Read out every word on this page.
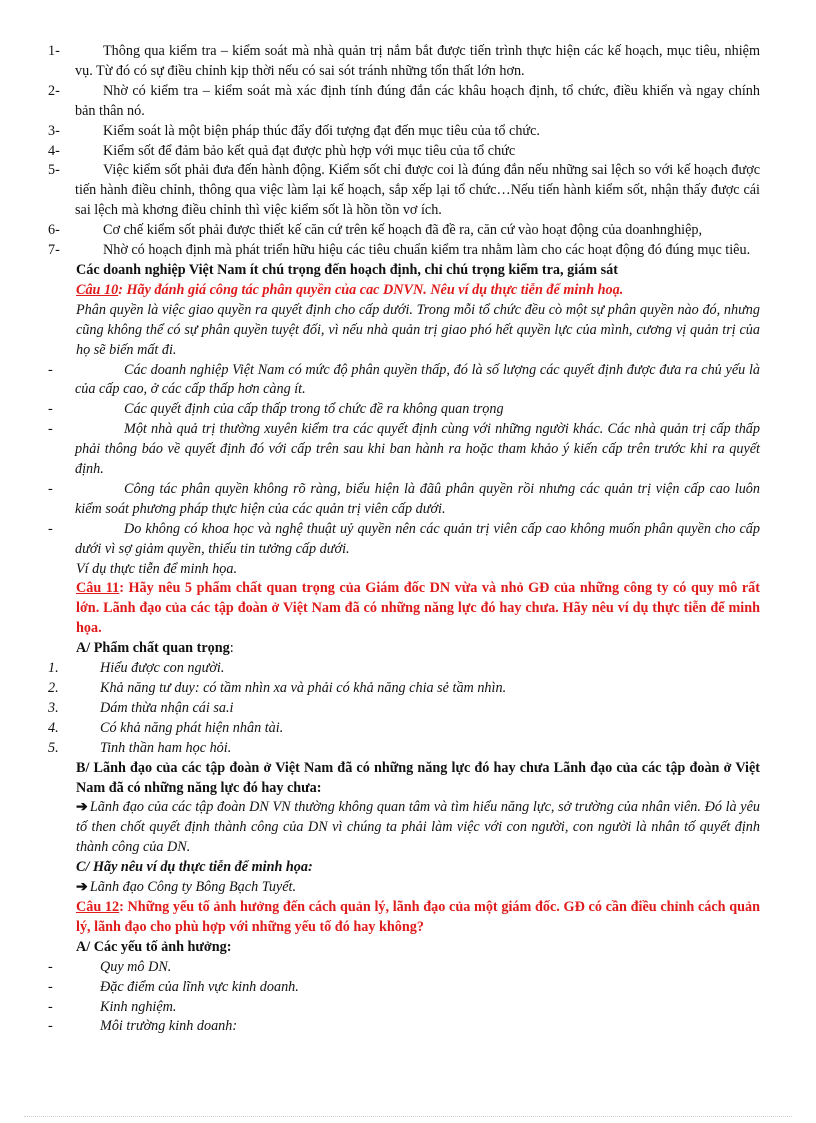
1-	Thông qua kiểm tra – kiểm soát mà nhà quản trị nắm bắt được tiến trình thực hiện các kế hoạch, mục tiêu, nhiệm vụ. Từ đó có sự điều chỉnh kịp thời nếu có sai sót tránh những tổn thất lớn hơn.
2-	Nhờ có kiểm tra – kiểm soát mà xác định tính đúng đắn các khâu hoạch định, tổ chức, điều khiển và ngay chính bản thân nó.
3-	Kiểm soát là một biện pháp thúc đẩy đối tượng đạt đến mục tiêu của tổ chức.
4-	Kiểm sốt để đảm bảo kết quả đạt được phù hợp với mục tiêu của tổ chức
5-	Việc kiểm sốt phải đưa đến hành động. Kiểm sốt chỉ được coi là đúng đắn nếu những sai lệch so với kế hoạch được tiến hành điều chỉnh, thông qua việc làm lại kế hoạch, sắp xếp lại tổ chức…Nếu tiến hành kiểm sốt, nhận thấy được cái sai lệch mà khơng điều chỉnh thì việc kiểm sốt là hồn tồn vơ ích.
6-	Cơ chế kiểm sốt phải được thiết kế căn cứ trên kế hoạch đã đề ra, căn cứ vào hoạt động của doanhnghiệp,
7-	Nhờ có hoạch định mà phát triển hữu hiệu các tiêu chuẩn kiểm tra nhằm làm cho các hoạt động đó đúng mục tiêu.
Các doanh nghiệp Việt Nam ít chú trọng đến hoạch định, chỉ chú trọng kiểm tra, giám sát
Câu 10: Hãy đánh giá công tác phân quyền của cac DNVN. Nêu ví dụ thực tiễn để minh hoạ.
Phân quyền là việc giao quyền ra quyết định cho cấp dưới. Trong mỗi tổ chức đều cò một sự phân quyền nào đó, nhưng cũng không thể có sự phân quyền tuyệt đối, vì nếu nhà quản trị giao phó hết quyền lực của mình, cương vị quản trị của họ sẽ biến mất đi.
-	Các doanh nghiệp Việt Nam có mức độ phân quyền thấp, đó là số lượng các quyết định được đưa ra chủ yếu là của cấp cao, ở các cấp thấp hơn càng ít.
-	Các quyết định của cấp thấp trong tổ chức đề ra không quan trọng
-	Một nhà quả trị thường xuyên kiểm tra các quyết định cùng với những người khác. Các nhà quản trị cấp thấp phải thông báo về quyết định đó với cấp trên sau khi ban hành ra hoặc tham khảo ý kiến cấp trên trước khi ra quyết định.
-	Công tác phân quyền không rõ ràng, biểu hiện là đãû phân quyền rồi nhưng các quản trị viện cấp cao luôn kiểm soát phương pháp thực hiện của các quản trị viên cấp dưới.
-	Do không có khoa học và nghệ thuật uỷ quyền nên các quản trị viên cấp cao không muốn phân quyền cho cấp dưới vì sợ giảm quyền, thiếu tin tưởng cấp dưới.
Ví dụ thực tiễn để minh họa.
Câu 11: Hãy nêu 5 phẩm chất quan trọng của Giám đốc DN vừa và nhỏ GĐ của những công ty có quy mô rất lớn. Lãnh đạo của các tập đoàn ở Việt Nam đã có những năng lực đó hay chưa. Hãy nêu ví dụ thực tiễn để minh họa.
A/ Phẩm chất quan trọng:
1.	Hiểu được con người.
2.	Khả năng tư duy: có tầm nhìn xa và phải có khả năng chia sẻ tầm nhìn.
3.	Dám thừa nhận cái sa.i
4.	Có khả năng phát hiện nhân tài.
5.	Tinh thần ham học hỏi.
B/ Lãnh đạo của các tập đoàn ở Việt Nam đã có những năng lực đó hay chưa Lãnh đạo của các tập đoàn ở Việt Nam đã có những năng lực đó hay chưa:
➔ Lãnh đạo của các tập đoàn DN VN thường không quan tâm và tìm hiểu năng lực, sở trường của nhân viên. Đó là yêu tố then chốt quyết định thành công của DN vì chúng ta phải làm việc với con người, con người là nhân tố quyết định thành công của DN.
C/ Hãy nêu ví dụ thực tiễn để minh họa:
➔ Lãnh đạo Công ty Bông Bạch Tuyết.
Câu 12: Những yếu tố ảnh hưởng đến cách quản lý, lãnh đạo của một giám đốc. GĐ có cần điều chỉnh cách quản lý, lãnh đạo cho phù hợp với những yếu tố đó hay không?
A/ Các yếu tố ảnh hưởng:
-	Quy mô DN.
-	Đặc điểm của lĩnh vực kinh doanh.
-	Kinh nghiệm.
-	Môi trường kinh doanh:
